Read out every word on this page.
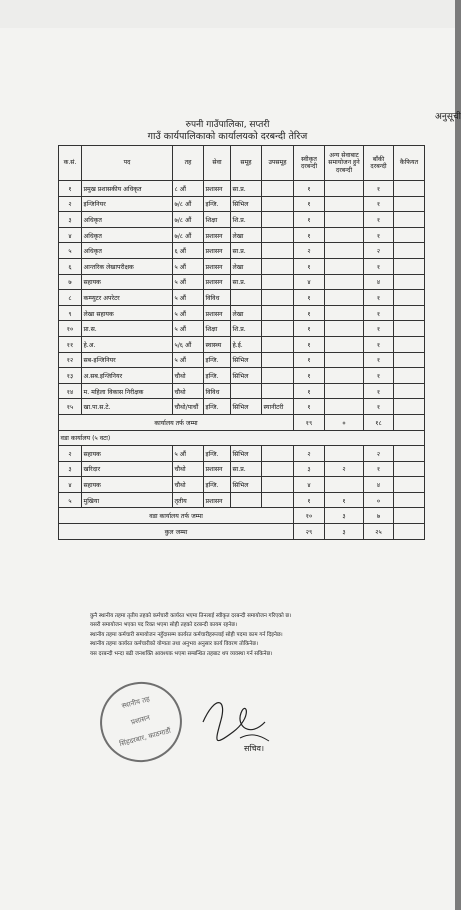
अनुसूची
रुपनी गाउँपालिका, सप्तरी
गाउँ कार्यपालिकाको कार्यालयको दरबन्दी तेरिज
क.सं.	पद	तह	सेवा	समूह	उपसमूह	स्वीकृत दरबन्दी	अन्य सेवाबाट समायोजन हुने दरबन्दी	बाँकी दरबन्दी	कैफियत
१	प्रमुख प्रशासकीय अधिकृत	८ औं	प्रशासन	सा.प्र.		१		१	
२	इन्जिनियर	७/८ औं	इन्जि.	सिभिल		१		१	
३	अधिकृत	७/८ औं	शिक्षा	शि.प्र.		१		१	
४	अधिकृत	७/८ औं	प्रशासन	लेखा		१		१	
५	अधिकृत	६ औं	प्रशासन	सा.प्र.		२		२	
६	आन्तरिक लेखापरीक्षक	५ औं	प्रशासन	लेखा		१		१	
७	सहायक	५ औं	प्रशासन	सा.प्र.		४		४	
८	कम्प्युटर अपरेटर	५ औं	विविध			१		१	
९	लेखा सहायक	५ औं	प्रशासन	लेखा		१		१	
१०	प्रा.स.	५ औं	शिक्षा	शि.प्र.		१		१	
११	हे.अ.	५/६ औं	स्वास्थ्य	हे.ई.		१		१	
१२	सब-इन्जिनियर	५ औं	इन्जि.	सिभिल		१		१	
१३	अ.सब.इन्जिनियर	चौथो	इन्जि.	सिभिल		१		१	
१४	म. महिला विकास निरीक्षक	चौथो	विविध			१		१	
१५	खा.पा.स.टे.	चौथो/पाचौं	इन्जि.	सिभिल	स्यानीटरी	१		१	
कार्यालय तर्फ जम्मा						१९	०	१८	
वडा कार्यालय (५ वटा)									
२	सहायक	५ औं	इन्जि.	सिभिल		२		२	
३	खरिदार	चौथो	प्रशासन	सा.प्र.		३	२	१	
४	सहायक	चौथो	इन्जि.	सिभिल		४		४	
५	मुखिया	तृतीय	प्रशासन			१	१	०	
वडा कार्यालय तर्फ जम्मा						१०	३	७	
कुल जम्मा						२९	३	२५	

कुनै स्थानीय तहमा तृतीय तहको कर्मचारी कार्यरत भएमा तिनलाई स्वीकृत दरबन्दी समायोजन गरिएको छ।

यसरी समायोजन भएका पद रिक्त भएमा सोही तहको दरबन्दी कायम रहनेछ।

स्थानीय तहमा कर्मचारी समायोजन नहुँदासम्म कार्यरत कर्मचारीहरूलाई सोही पदमा काम गर्न दिइनेछ।

स्थानीय तहमा कार्यरत कर्मचारीको योग्यता तथा अनुभव अनुसार कार्य विवरण तोकिनेछ।

यस दरबन्दी भन्दा बढी जनशक्ति आवश्यक भएमा सम्बन्धित तहबाट थप व्यवस्था गर्न सकिनेछ।

स्थानीय तह
प्रशासन
सिंहदरबार, काठमाडौं
सचिव।
